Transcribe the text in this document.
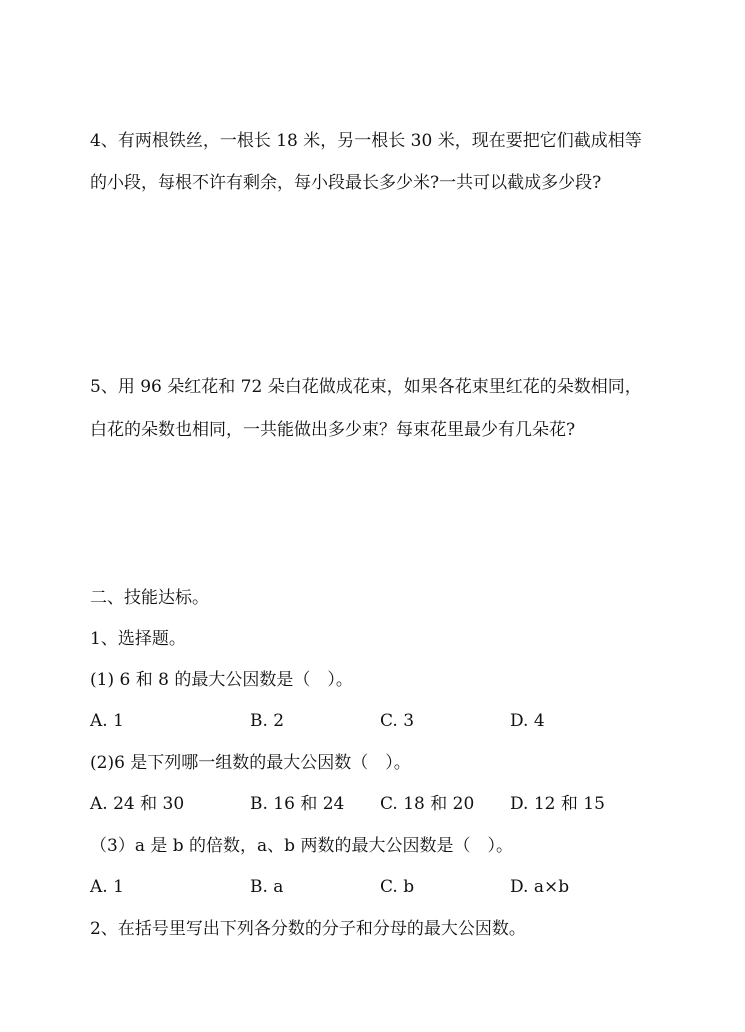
4、有两根铁丝，一根长 18 米，另一根长 30 米，现在要把它们截成相等
的小段，每根不许有剩余，每小段最长多少米?一共可以截成多少段?
5、用 96 朵红花和 72 朵白花做成花束，如果各花束里红花的朵数相同，
白花的朵数也相同，一共能做出多少束？每束花里最少有几朵花?
二、技能达标。
1、选择题。
(1) 6 和 8 的最大公因数是（　）。
A. 1	B. 2	C. 3	D. 4
(2)6 是下列哪一组数的最大公因数（　）。
A. 24 和 30	B. 16 和 24 C. 18 和 20 D. 12 和 15
（3）a 是 b 的倍数，a、b 两数的最大公因数是（　）。
A. 1	B. a	C. b	D. a×b
2、在括号里写出下列各分数的分子和分母的最大公因数。
